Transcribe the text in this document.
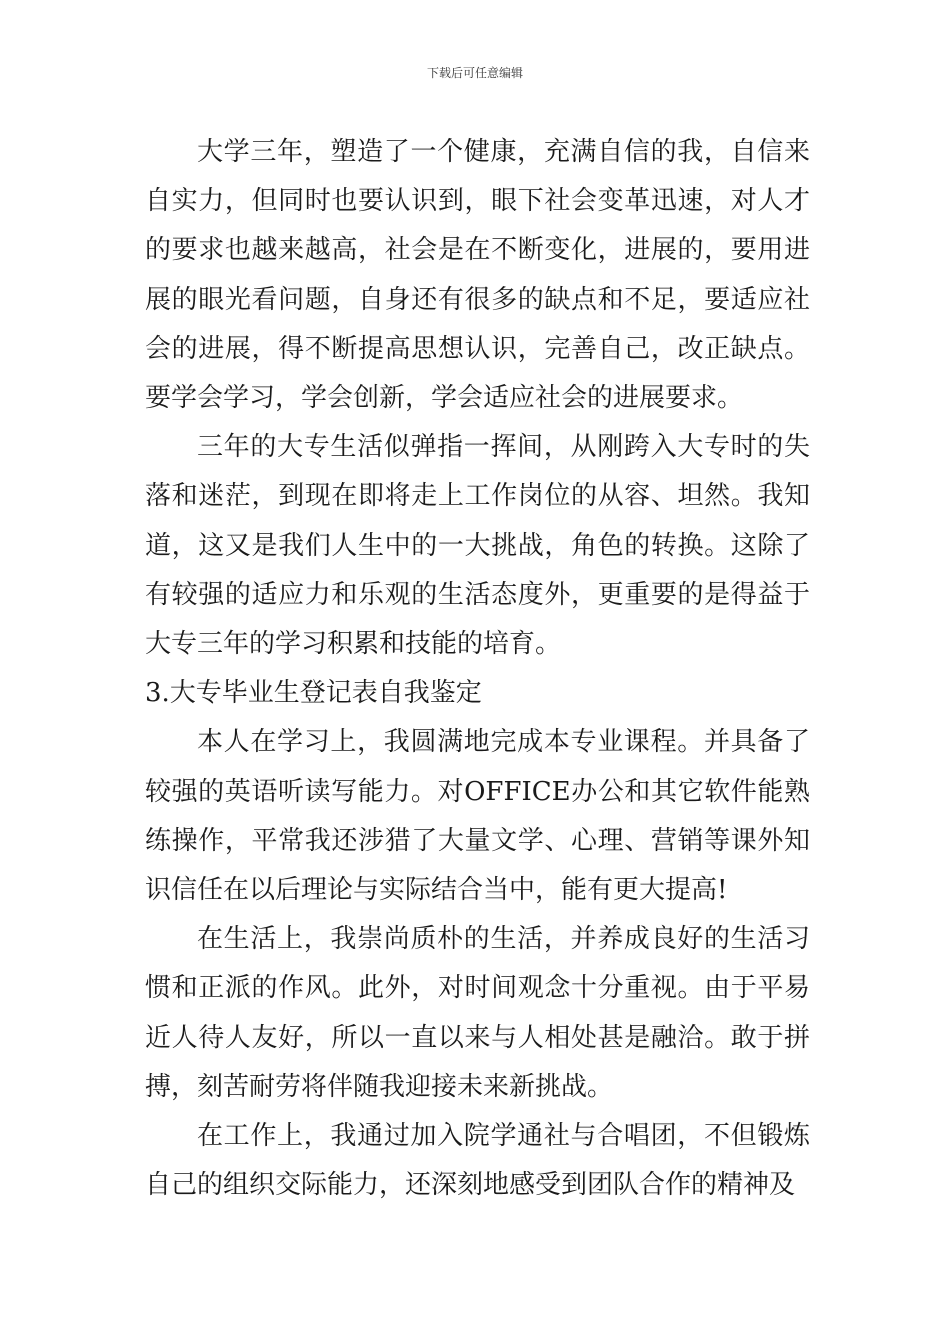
下载后可任意编辑

大学三年，塑造了一个健康，充满自信的我，自信来自实力，但同时也要认识到，眼下社会变革迅速，对人才的要求也越来越高，社会是在不断变化，进展的，要用进展的眼光看问题，自身还有很多的缺点和不足，要适应社会的进展，得不断提高思想认识，完善自己，改正缺点。要学会学习，学会创新，学会适应社会的进展要求。

三年的大专生活似弹指一挥间，从刚跨入大专时的失落和迷茫，到现在即将走上工作岗位的从容、坦然。我知道，这又是我们人生中的一大挑战，角色的转换。这除了有较强的适应力和乐观的生活态度外，更重要的是得益于大专三年的学习积累和技能的培育。

3.大专毕业生登记表自我鉴定

本人在学习上，我圆满地完成本专业课程。并具备了较强的英语听读写能力。对OFFICE办公和其它软件能熟练操作，平常我还涉猎了大量文学、心理、营销等课外知识信任在以后理论与实际结合当中，能有更大提高!

在生活上，我崇尚质朴的生活，并养成良好的生活习惯和正派的作风。此外，对时间观念十分重视。由于平易近人待人友好，所以一直以来与人相处甚是融洽。敢于拼搏，刻苦耐劳将伴随我迎接未来新挑战。

在工作上，我通过加入院学通社与合唱团，不但锻炼自己的组织交际能力，还深刻地感受到团队合作的精神及
